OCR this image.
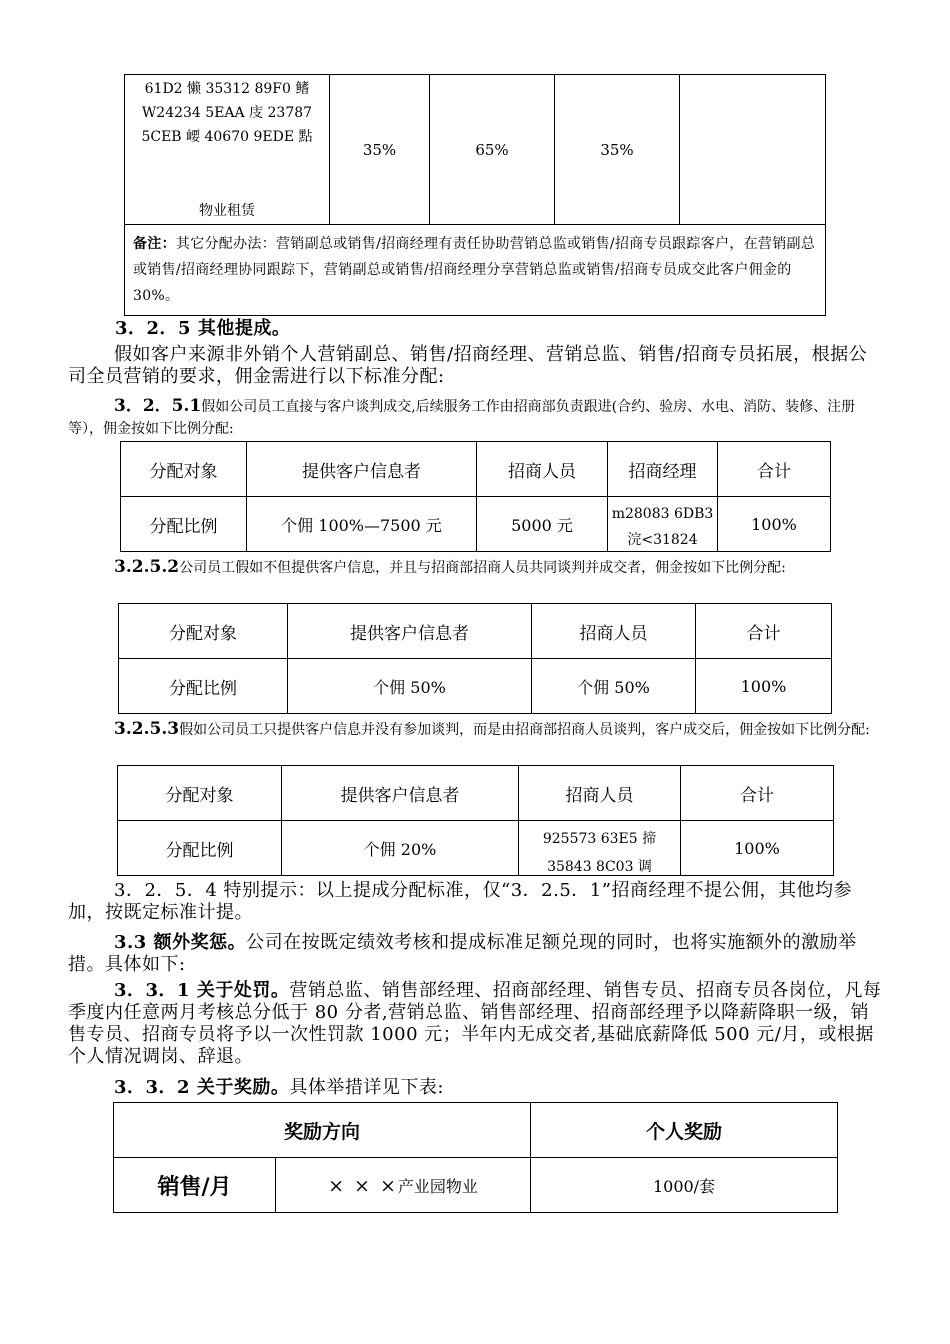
61D2 懒 35312 89F0 鳍
W24234 5EAA 庋 23787
5CEB 崾 40670 9EDE 點
物业租赁
	35%	65%	35%	
备注：其它分配办法：营销副总或销售/招商经理有责任协助营销总监或销售/招商专员跟踪客户，在营销副总或销售/招商经理协同跟踪下，营销副总或销售/招商经理分享营销总监或销售/招商专员成交此客户佣金的 30%。
3．2．5 其他提成。
假如客户来源非外销个人营销副总、销售/招商经理、营销总监、销售/招商专员拓展，根据公司全员营销的要求，佣金需进行以下标准分配:
3．2．5.1假如公司员工直接与客户谈判成交,后续服务工作由招商部负责跟进(合约、验房、水电、消防、装修、注册等），佣金按如下比例分配:
分配对象	提供客户信息者	招商人员	招商经理	合计
分配比例	个佣 100%—7500 元	5000 元	m28083 6DB3 浣<31824	100%
3.2.5.2公司员工假如不但提供客户信息，并且与招商部招商人员共同谈判并成交者，佣金按如下比例分配:
分配对象	提供客户信息者	招商人员	合计
分配比例	个佣 50%	个佣 50%	100%
3.2.5.3假如公司员工只提供客户信息并没有参加谈判，而是由招商部招商人员谈判，客户成交后，佣金按如下比例分配:
分配对象	提供客户信息者	招商人员	合计
分配比例	个佣 20%	925573 63E5 揥 35843 8C03 调	100%
3．2．5．4 特别提示：以上提成分配标准，仅“3．2.5．1”招商经理不提公佣，其他均参加，按既定标准计提。
3.3 额外奖惩。公司在按既定绩效考核和提成标准足额兑现的同时，也将实施额外的激励举措。具体如下:
3．3．1 关于处罚。营销总监、销售部经理、招商部经理、销售专员、招商专员各岗位，凡每季度内任意两月考核总分低于 80 分者,营销总监、销售部经理、招商部经理予以降薪降职一级，销售专员、招商专员将予以一次性罚款 1000 元；半年内无成交者,基础底薪降低 500 元/月，或根据个人情况调岗、辞退。
3．3．2 关于奖励。具体举措详见下表:
奖励方向		个人奖励
销售/月	× × ×产业园物业	1000/套
